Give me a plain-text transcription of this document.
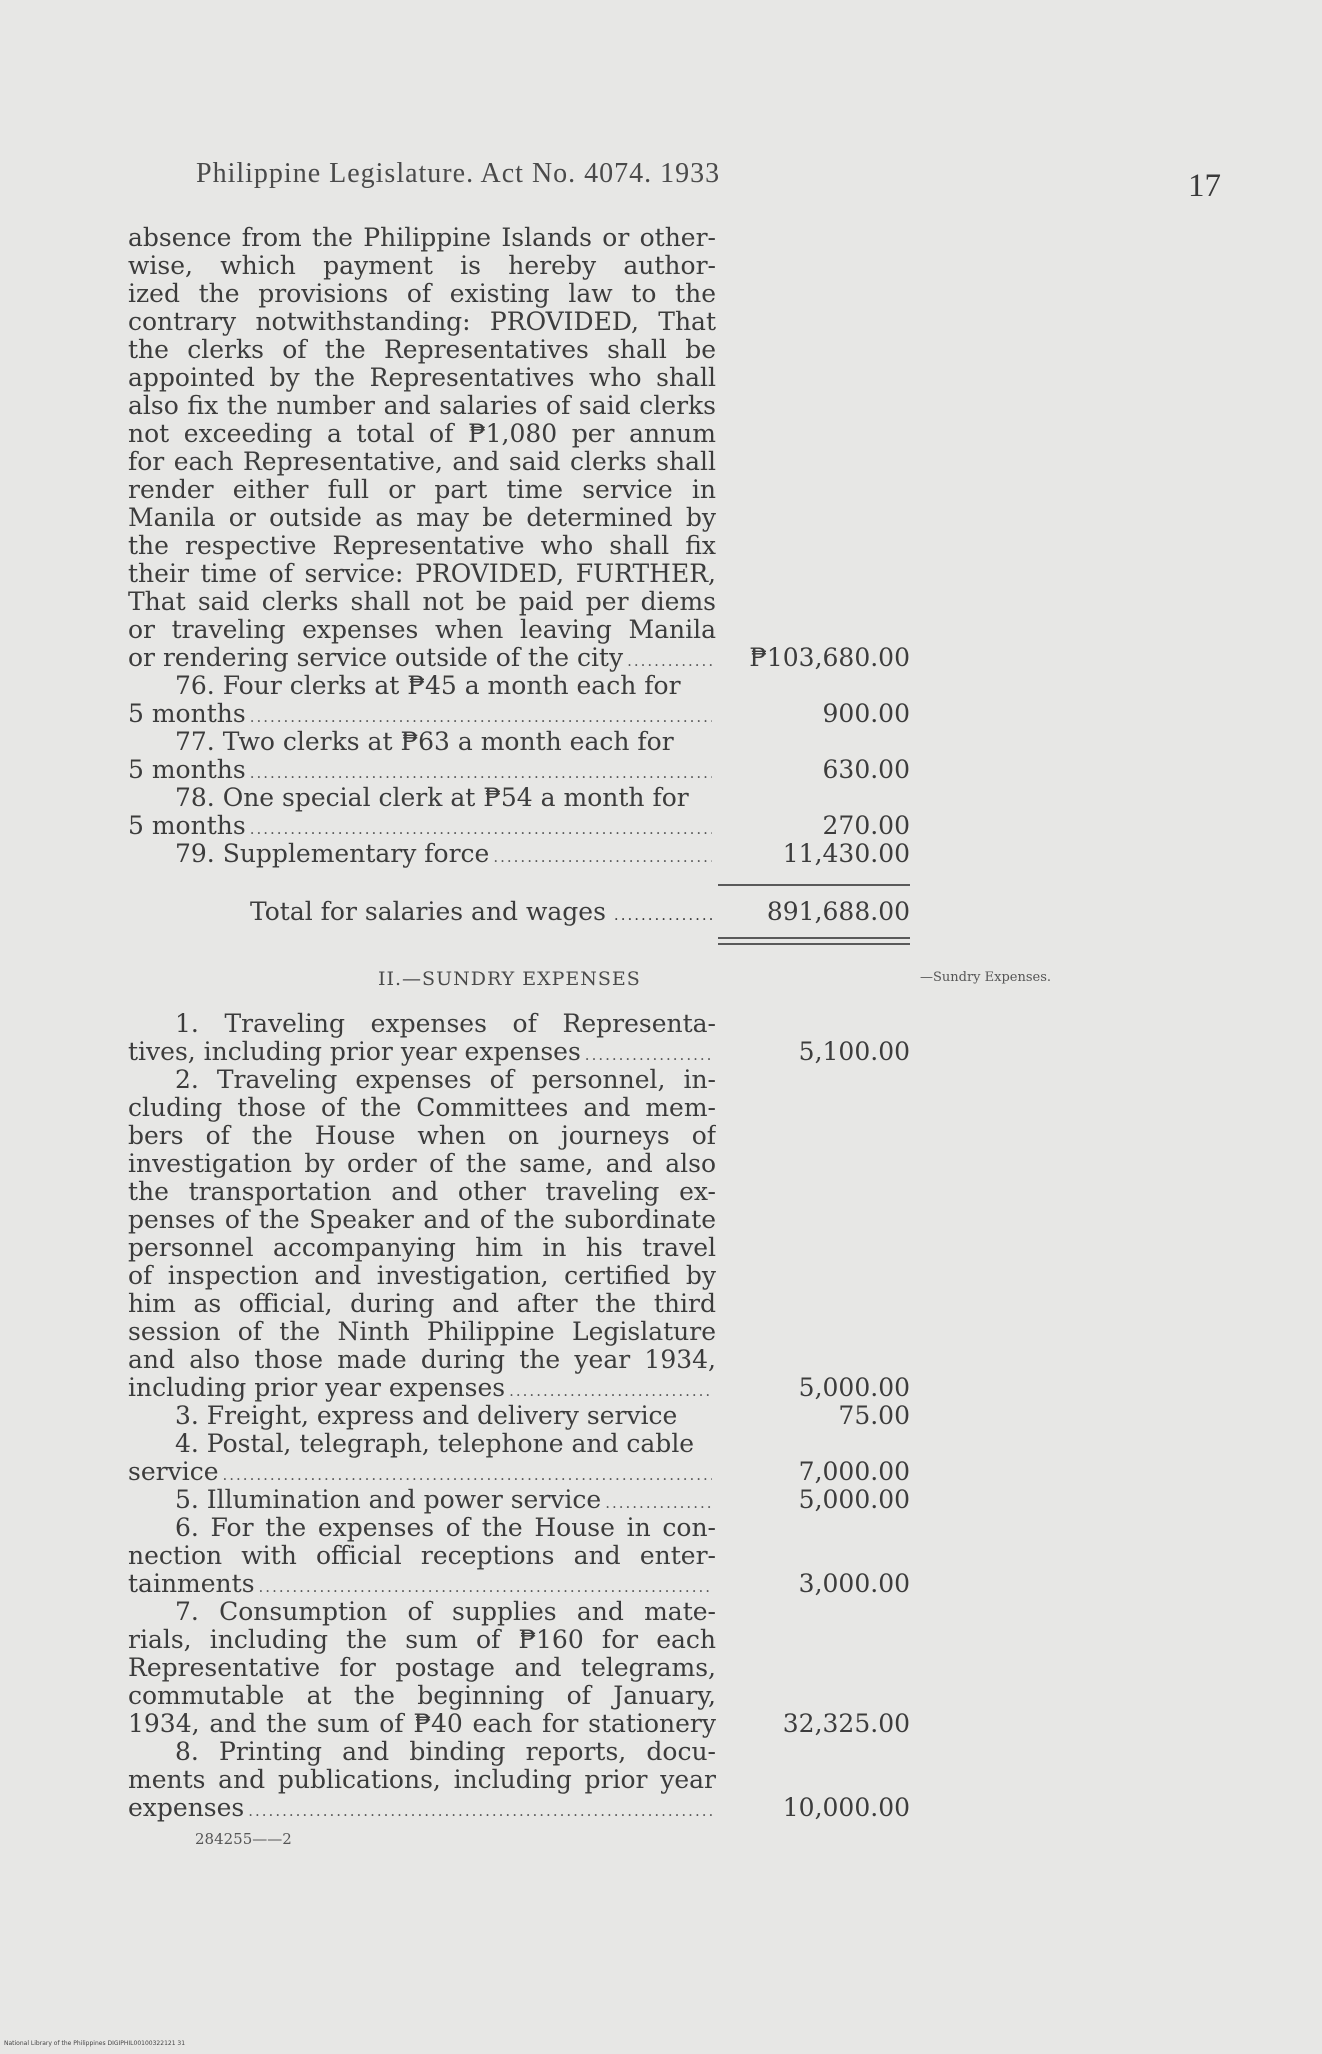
Philippine Legislature. Act No. 4074. 1933	17
absence from the Philippine Islands or other-
wise, which payment is hereby author-
ized the provisions of existing law to the
contrary notwithstanding: PROVIDED, That
the clerks of the Representatives shall be
appointed by the Representatives who shall
also fix the number and salaries of said clerks
not exceeding a total of ₱1,080 per annum
for each Representative, and said clerks shall
render either full or part time service in
Manila or outside as may be determined by
the respective Representative who shall fix
their time of service: PROVIDED, FURTHER,
That said clerks shall not be paid per diems
or traveling expenses when leaving Manila
or rendering service outside of the city .....	₱103,680.00
76. Four clerks at ₱45 a month each for
5 months .....	900.00
77. Two clerks at ₱63 a month each for
5 months .....	630.00
78. One special clerk at ₱54 a month for
5 months .....	270.00
79. Supplementary force .....	11,430.00
Total for salaries and wages .....	891,688.00
II.—SUNDRY EXPENSES	—Sundry Expenses.
1. Traveling expenses of Representa-
tives, including prior year expenses .....	5,100.00
2. Traveling expenses of personnel, in-
cluding those of the Committees and mem-
bers of the House when on journeys of
investigation by order of the same, and also
the transportation and other traveling ex-
penses of the Speaker and of the subordinate
personnel accompanying him in his travel
of inspection and investigation, certified by
him as official, during and after the third
session of the Ninth Philippine Legislature
and also those made during the year 1934,
including prior year expenses .....	5,000.00
3. Freight, express and delivery service	75.00
4. Postal, telegraph, telephone and cable
service .....	7,000.00
5. Illumination and power service .....	5,000.00
6. For the expenses of the House in con-
nection with official receptions and enter-
tainments .....	3,000.00
7. Consumption of supplies and mate-
rials, including the sum of ₱160 for each
Representative for postage and telegrams,
commutable at the beginning of January,
1934, and the sum of ₱40 each for stationery	32,325.00
8. Printing and binding reports, docu-
ments and publications, including prior year
expenses .....	10,000.00
284255——2
National Library of the Philippines DIGIPHIL00100322121 31
